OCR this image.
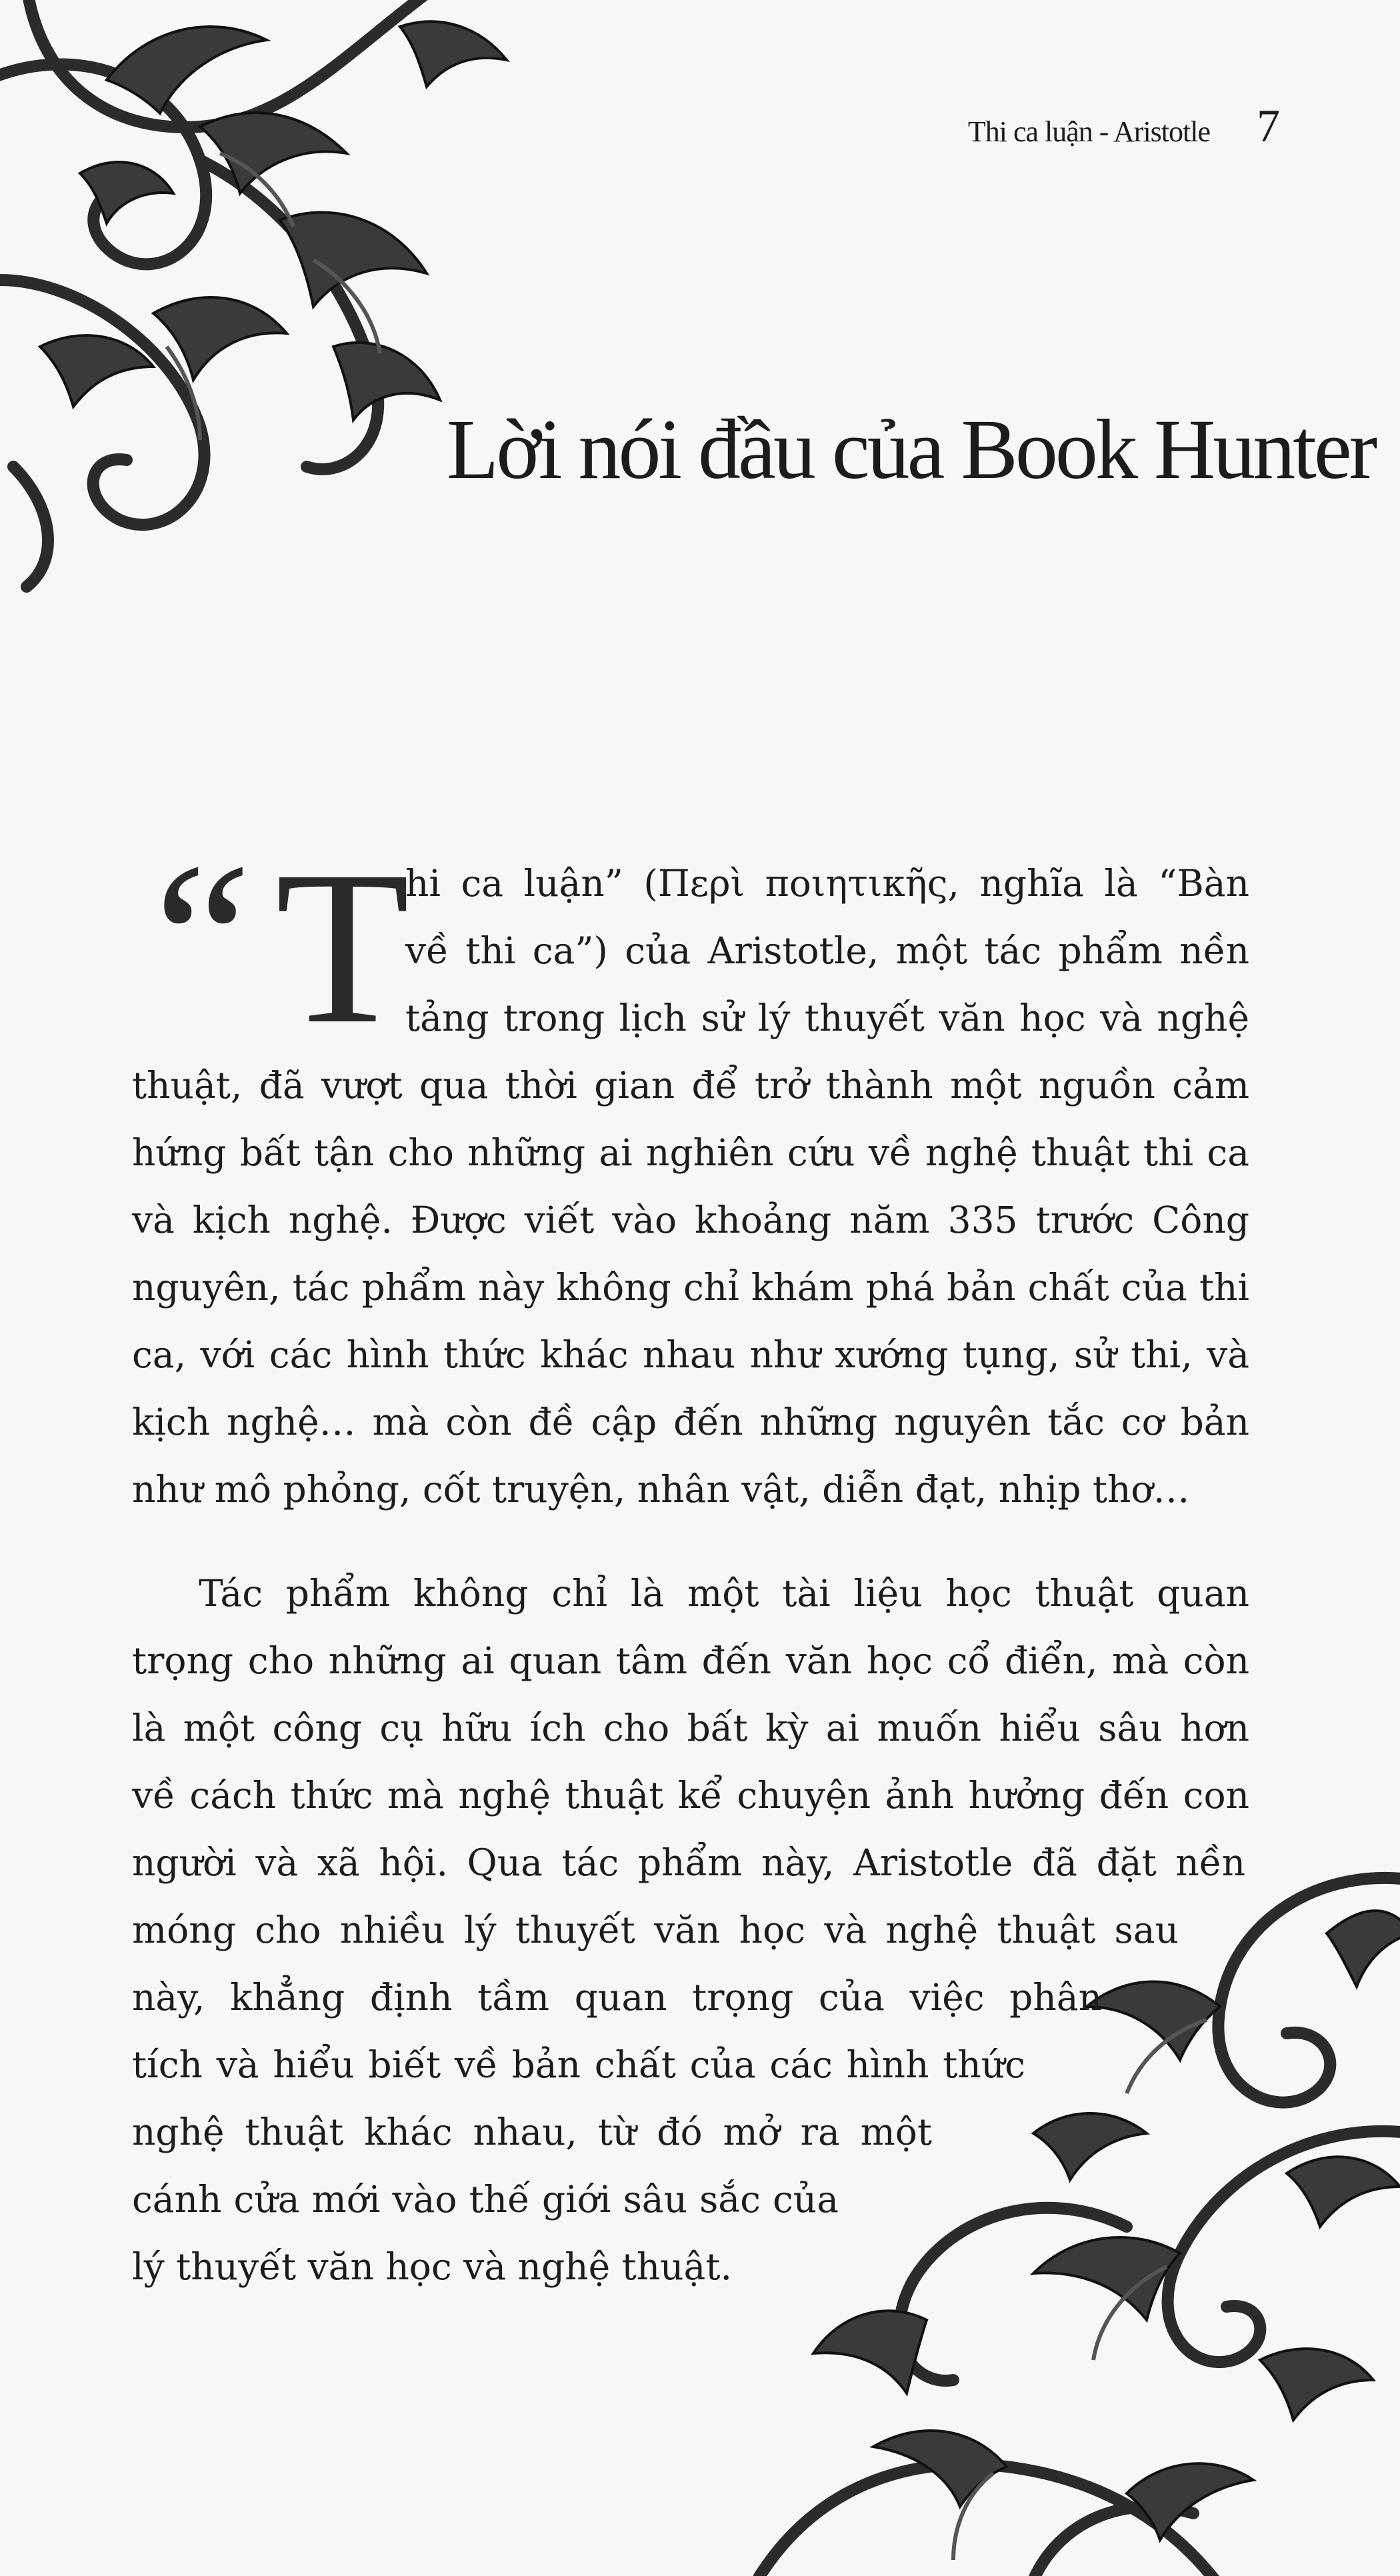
Thi ca luận - Aristotle 7
Lời nói đầu của Book Hunter

“ T
hi ca luận” (Περὶ ποιητικῆς, nghĩa là “Bàn
về thi ca”) của Aristotle, một tác phẩm nền
tảng trong lịch sử lý thuyết văn học và nghệ
thuật, đã vượt qua thời gian để trở thành một nguồn cảm
hứng bất tận cho những ai nghiên cứu về nghệ thuật thi ca
và kịch nghệ. Được viết vào khoảng năm 335 trước Công
nguyên, tác phẩm này không chỉ khám phá bản chất của thi
ca, với các hình thức khác nhau như xướng tụng, sử thi, và
kịch nghệ… mà còn đề cập đến những nguyên tắc cơ bản
như mô phỏng, cốt truyện, nhân vật, diễn đạt, nhịp thơ…

Tác phẩm không chỉ là một tài liệu học thuật quan
trọng cho những ai quan tâm đến văn học cổ điển, mà còn
là một công cụ hữu ích cho bất kỳ ai muốn hiểu sâu hơn
về cách thức mà nghệ thuật kể chuyện ảnh hưởng đến con
người và xã hội. Qua tác phẩm này, Aristotle đã đặt nền
móng cho nhiều lý thuyết văn học và nghệ thuật sau
này, khẳng định tầm quan trọng của việc phân
tích và hiểu biết về bản chất của các hình thức
nghệ thuật khác nhau, từ đó mở ra một
cánh cửa mới vào thế giới sâu sắc của
lý thuyết văn học và nghệ thuật.
